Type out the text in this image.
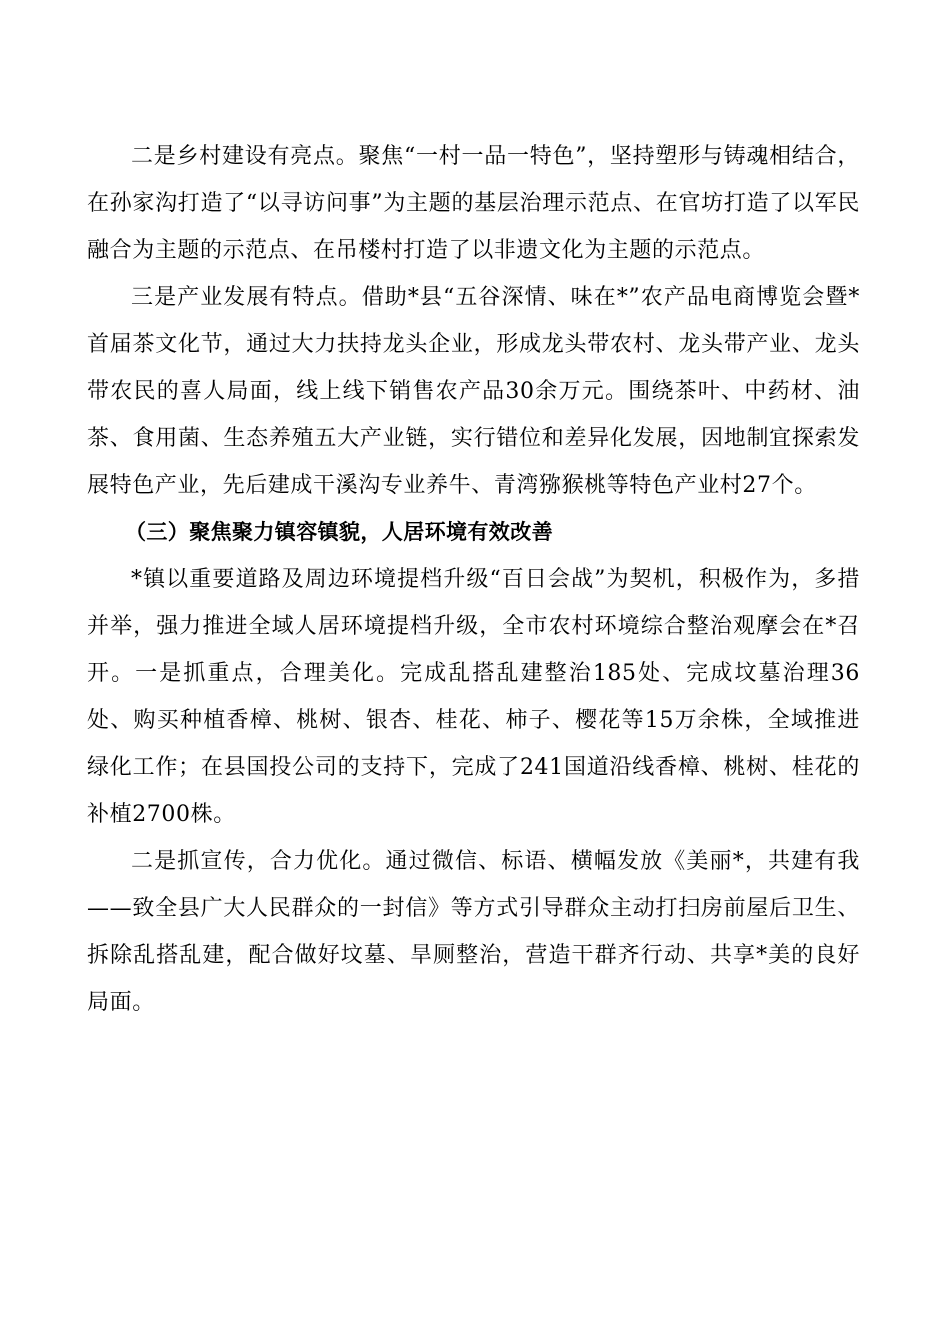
二是乡村建设有亮点。聚焦“一村一品一特色”，坚持塑形与铸魂相结合，在孙家沟打造了“以寻访问事”为主题的基层治理示范点、在官坊打造了以军民融合为主题的示范点、在吊楼村打造了以非遗文化为主题的示范点。

三是产业发展有特点。借助*县“五谷深情、味在*”农产品电商博览会暨*首届茶文化节，通过大力扶持龙头企业，形成龙头带农村、龙头带产业、龙头带农民的喜人局面，线上线下销售农产品30余万元。围绕茶叶、中药材、油茶、食用菌、生态养殖五大产业链，实行错位和差异化发展，因地制宜探索发展特色产业，先后建成干溪沟专业养牛、青湾猕猴桃等特色产业村27个。

（三）聚焦聚力镇容镇貌，人居环境有效改善

*镇以重要道路及周边环境提档升级“百日会战”为契机，积极作为，多措并举，强力推进全域人居环境提档升级，全市农村环境综合整治观摩会在*召开。一是抓重点，合理美化。完成乱搭乱建整治185处、完成坟墓治理36处、购买种植香樟、桃树、银杏、桂花、柿子、樱花等15万余株，全域推进绿化工作；在县国投公司的支持下，完成了241国道沿线香樟、桃树、桂花的补植2700株。

二是抓宣传，合力优化。通过微信、标语、横幅发放《美丽*，共建有我——致全县广大人民群众的一封信》等方式引导群众主动打扫房前屋后卫生、拆除乱搭乱建，配合做好坟墓、旱厕整治，营造干群齐行动、共享*美的良好局面。
